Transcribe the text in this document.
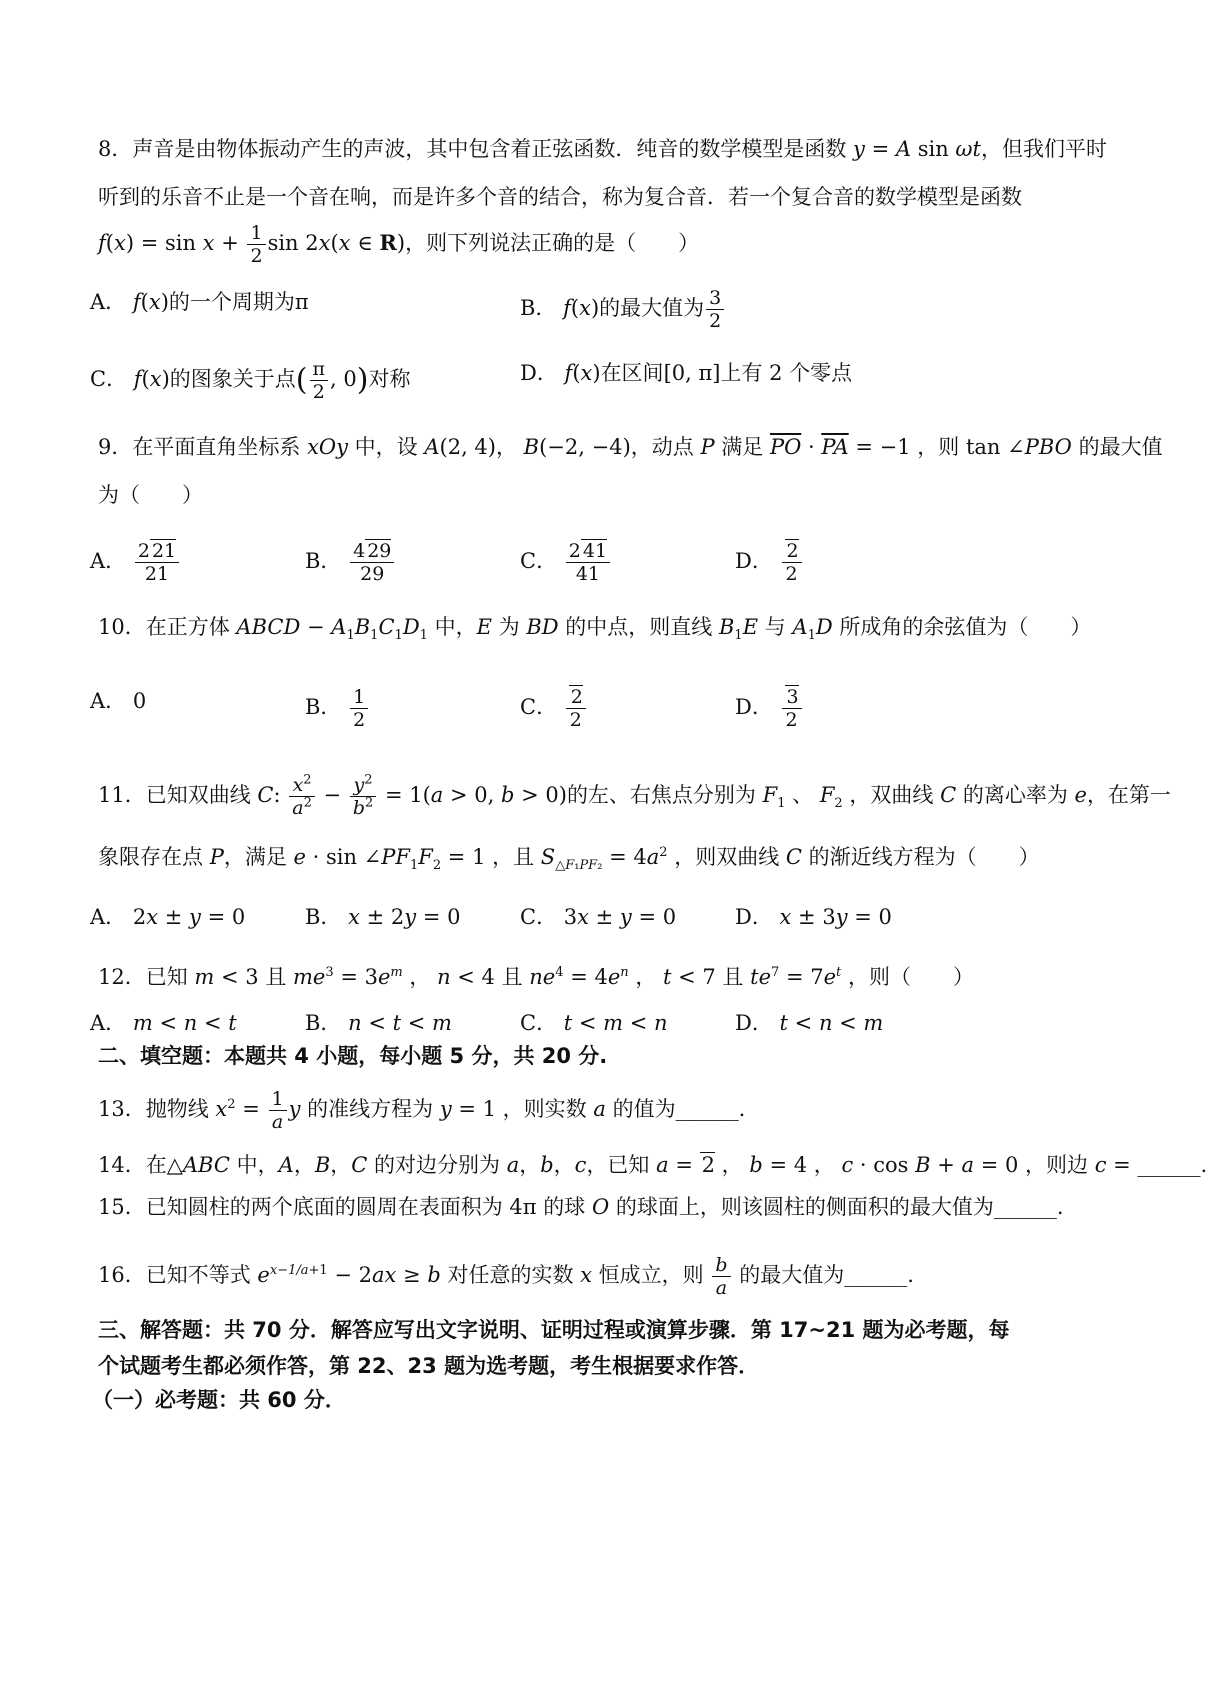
8．声音是由物体振动产生的声波，其中包含着正弦函数．纯音的数学模型是函数 y = A sin ωt，但我们平时
听到的乐音不止是一个音在响，而是许多个音的结合，称为复合音．若一个复合音的数学模型是函数
$f(x) = \sin x + \frac{1}{2}$ sin 2x(x ∈ R)，则下列说法正确的是（　　）
A． f(x)的一个周期为π	B． f(x)的最大值为 $\frac{3}{2}$
C． f(x)的图象关于点( $\frac{\pi}{2}$ , 0)对称	D． f(x)在区间[0, π]上有 2 个零点
9．在平面直角坐标系 xOy 中，设 A(2, 4)， B(−2, −4)，动点 P 满足 $\overline{PO} \cdot \overline{PA} = -1$ ，则 tan ∠PBO 的最大值
为（　　）
A． $\frac{2 21}{21}$	B． $\frac{4 29}{29}$	C． $\frac{2 41}{41}$	D． $\frac{2}{2}$
10．在正方体 ABCD − $A_1B_1C_1D_1$ 中，E 为 BD 的中点，则直线 $B_1E$ 与 $A_1D$ 所成角的余弦值为（　　）
A． 0	B． $\frac{1}{2}$	C． $\frac{2}{2}$	D． $\frac{3}{2}$
11．已知双曲线 C: $\frac{x^2}{a^2} - \frac{y^2}{b^2} = 1(a > 0$, b > 0)的左、右焦点分别为 $F_1$ 、 $F_2$ ，双曲线 C 的离心率为 e，在第一
象限存在点 P，满足 $e \cdot \sin \angle PF_1F_2 = 1$ ，且 $S_{\triangle F_1PF_2} = 4a^2$ ，则双曲线 C 的渐近线方程为（　　）
A． 2x ± y = 0	B． x ± 2y = 0	C． 3x ± y = 0	D． x ± 3y = 0
12．已知 m < 3 且 $me^3 = 3e^m$ ， n < 4 且 $ne^4 = 4e^n$ ， t < 7 且 $te^7 = 7e^t$ ，则（　　）
A． m < n < t	B． n < t < m	C． t < m < n	D． t < n < m
二、填空题：本题共 4 小题，每小题 5 分，共 20 分.
13．抛物线 $x^2 = \frac{1}{a}$ y 的准线方程为 y = 1 ，则实数 a 的值为______.
14．在△ABC 中，A，B，C 的对边分别为 a，b，c，已知 a = 2 ， b = 4 ， c · cos B + a = 0 ，则边 c = ______.
15．已知圆柱的两个底面的圆周在表面积为 4π 的球 O 的球面上，则该圆柱的侧面积的最大值为______.
16．已知不等式 $e^{x-1/a+1} - 2ax \ge b$ 对任意的实数 x 恒成立，则 $\frac{b}{a}$ 的最大值为______.
三、解答题：共 70 分．解答应写出文字说明、证明过程或演算步骤．第 17~21 题为必考题，每
个试题考生都必须作答，第 22、23 题为选考题，考生根据要求作答．
（一）必考题：共 60 分．
